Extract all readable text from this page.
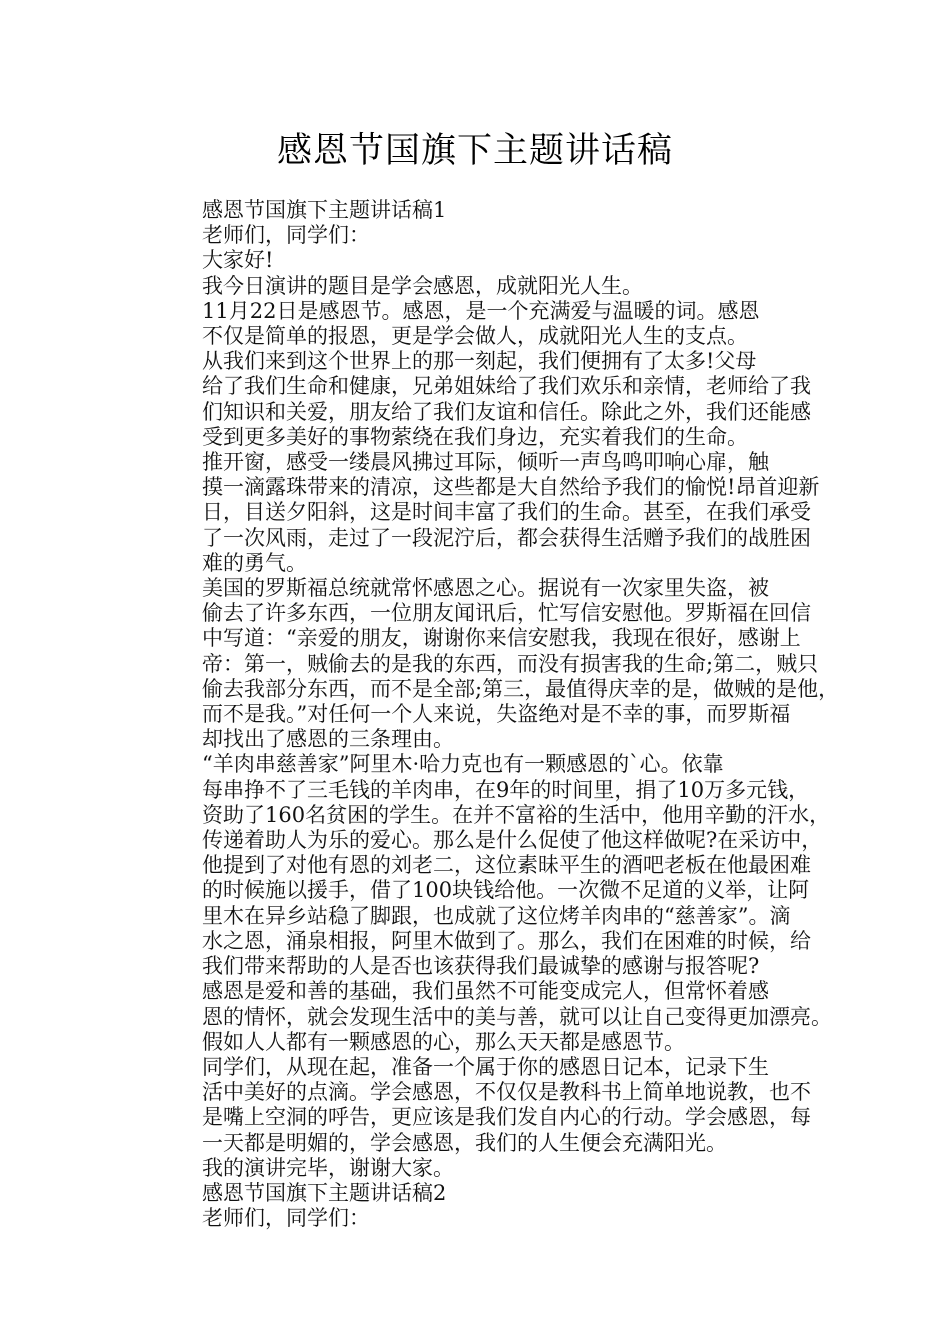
感恩节国旗下主题讲话稿

感恩节国旗下主题讲话稿1

老师们，同学们：

大家好!

我今日演讲的题目是学会感恩，成就阳光人生。

11月22日是感恩节。感恩，是一个充满爱与温暖的词。感恩
不仅是简单的报恩，更是学会做人，成就阳光人生的支点。

从我们来到这个世界上的那一刻起，我们便拥有了太多!父母
给了我们生命和健康，兄弟姐妹给了我们欢乐和亲情，老师给了我
们知识和关爱，朋友给了我们友谊和信任。除此之外，我们还能感
受到更多美好的事物萦绕在我们身边，充实着我们的生命。

推开窗，感受一缕晨风拂过耳际，倾听一声鸟鸣叩响心扉，触
摸一滴露珠带来的清凉，这些都是大自然给予我们的愉悦!昂首迎新
日，目送夕阳斜，这是时间丰富了我们的生命。甚至，在我们承受
了一次风雨，走过了一段泥泞后，都会获得生活赠予我们的战胜困
难的勇气。

美国的罗斯福总统就常怀感恩之心。据说有一次家里失盗，被
偷去了许多东西，一位朋友闻讯后，忙写信安慰他。罗斯福在回信
中写道：“亲爱的朋友，谢谢你来信安慰我，我现在很好，感谢上
帝：第一，贼偷去的是我的东西，而没有损害我的生命;第二，贼只
偷去我部分东西，而不是全部;第三，最值得庆幸的是，做贼的是他，
而不是我。”对任何一个人来说，失盗绝对是不幸的事，而罗斯福
却找出了感恩的三条理由。

“羊肉串慈善家”阿里木·哈力克也有一颗感恩的`心。依靠
每串挣不了三毛钱的羊肉串，在9年的时间里，捐了10万多元钱，
资助了160名贫困的学生。在并不富裕的生活中，他用辛勤的汗水，
传递着助人为乐的爱心。那么是什么促使了他这样做呢?在采访中，
他提到了对他有恩的刘老二，这位素昧平生的酒吧老板在他最困难
的时候施以援手，借了100块钱给他。一次微不足道的义举，让阿
里木在异乡站稳了脚跟，也成就了这位烤羊肉串的“慈善家”。滴
水之恩，涌泉相报，阿里木做到了。那么，我们在困难的时候，给
我们带来帮助的人是否也该获得我们最诚挚的感谢与报答呢?

感恩是爱和善的基础，我们虽然不可能变成完人，但常怀着感
恩的情怀，就会发现生活中的美与善，就可以让自己变得更加漂亮。
假如人人都有一颗感恩的心，那么天天都是感恩节。

同学们，从现在起，准备一个属于你的感恩日记本，记录下生
活中美好的点滴。学会感恩，不仅仅是教科书上简单地说教，也不
是嘴上空洞的呼告，更应该是我们发自内心的行动。学会感恩，每
一天都是明媚的，学会感恩，我们的人生便会充满阳光。

我的演讲完毕，谢谢大家。

感恩节国旗下主题讲话稿2

老师们，同学们：
